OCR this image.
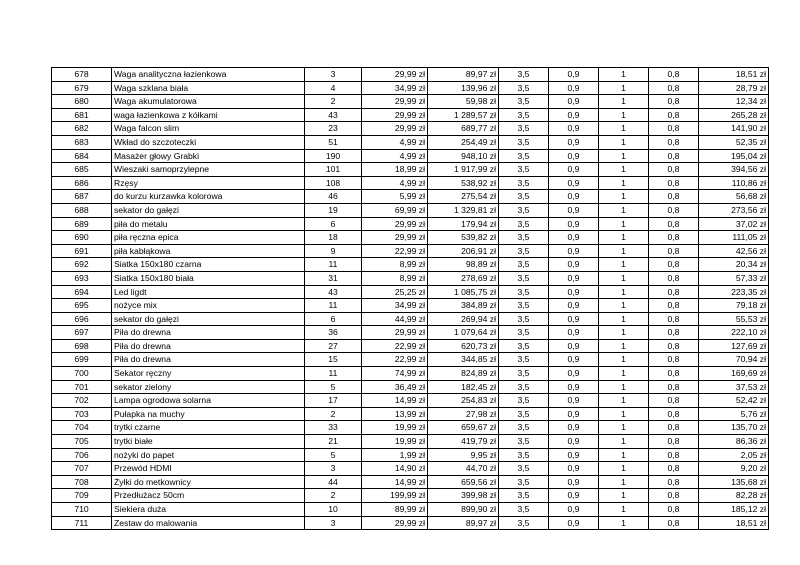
678	Waga analityczna łazienkowa	3	29,99 zł	89,97 zł	3,5	0,9	1	0,8	18,51 zł
679	Waga szklana biała	4	34,99 zł	139,96 zł	3,5	0,9	1	0,8	28,79 zł
680	Waga akumulatorowa	2	29,99 zł	59,98 zł	3,5	0,9	1	0,8	12,34 zł
681	waga łazienkowa z kółkami	43	29,99 zł	1 289,57 zł	3,5	0,9	1	0,8	265,28 zł
682	Waga falcon slim	23	29,99 zł	689,77 zł	3,5	0,9	1	0,8	141,90 zł
683	Wkład do szczoteczki	51	4,99 zł	254,49 zł	3,5	0,9	1	0,8	52,35 zł
684	Masażer głowy Grabki	190	4,99 zł	948,10 zł	3,5	0,9	1	0,8	195,04 zł
685	Wieszaki samoprzylepne	101	18,99 zł	1 917,99 zł	3,5	0,9	1	0,8	394,56 zł
686	Rzęsy	108	4,99 zł	538,92 zł	3,5	0,9	1	0,8	110,86 zł
687	do kurzu kurzawka kolorowa	46	5,99 zł	275,54 zł	3,5	0,9	1	0,8	56,68 zł
688	sekator do gałęzi	19	69,99 zł	1 329,81 zł	3,5	0,9	1	0,8	273,56 zł
689	piła do metalu	6	29,99 zł	179,94 zł	3,5	0,9	1	0,8	37,02 zł
690	piła ręczna epica	18	29,99 zł	539,82 zł	3,5	0,9	1	0,8	111,05 zł
691	piła kabłąkowa	9	22,99 zł	206,91 zł	3,5	0,9	1	0,8	42,56 zł
692	Siatka 150x180 czarna	11	8,99 zł	98,89 zł	3,5	0,9	1	0,8	20,34 zł
693	Siatka 150x180 biała	31	8,99 zł	278,69 zł	3,5	0,9	1	0,8	57,33 zł
694	Led ligdt	43	25,25 zł	1 085,75 zł	3,5	0,9	1	0,8	223,35 zł
695	nożyce mix	11	34,99 zł	384,89 zł	3,5	0,9	1	0,8	79,18 zł
696	sekator do gałęzi	6	44,99 zł	269,94 zł	3,5	0,9	1	0,8	55,53 zł
697	Piła do drewna	36	29,99 zł	1 079,64 zł	3,5	0,9	1	0,8	222,10 zł
698	Piła do drewna	27	22,99 zł	620,73 zł	3,5	0,9	1	0,8	127,69 zł
699	Piła do drewna	15	22,99 zł	344,85 zł	3,5	0,9	1	0,8	70,94 zł
700	Sekator ręczny	11	74,99 zł	824,89 zł	3,5	0,9	1	0,8	169,69 zł
701	sekator zielony	5	36,49 zł	182,45 zł	3,5	0,9	1	0,8	37,53 zł
702	Lampa ogrodowa solarna	17	14,99 zł	254,83 zł	3,5	0,9	1	0,8	52,42 zł
703	Pułapka na muchy	2	13,99 zł	27,98 zł	3,5	0,9	1	0,8	5,76 zł
704	trytki czarne	33	19,99 zł	659,67 zł	3,5	0,9	1	0,8	135,70 zł
705	trytki białe	21	19,99 zł	419,79 zł	3,5	0,9	1	0,8	86,36 zł
706	nożyki do papet	5	1,99 zł	9,95 zł	3,5	0,9	1	0,8	2,05 zł
707	Przewód HDMI	3	14,90 zł	44,70 zł	3,5	0,9	1	0,8	9,20 zł
708	Żyłki do metkownicy	44	14,99 zł	659,56 zł	3,5	0,9	1	0,8	135,68 zł
709	Przedłużacz 50cm	2	199,99 zł	399,98 zł	3,5	0,9	1	0,8	82,28 zł
710	Siekiera duża	10	89,99 zł	899,90 zł	3,5	0,9	1	0,8	185,12 zł
711	Zestaw do malowania	3	29,99 zł	89,97 zł	3,5	0,9	1	0,8	18,51 zł
